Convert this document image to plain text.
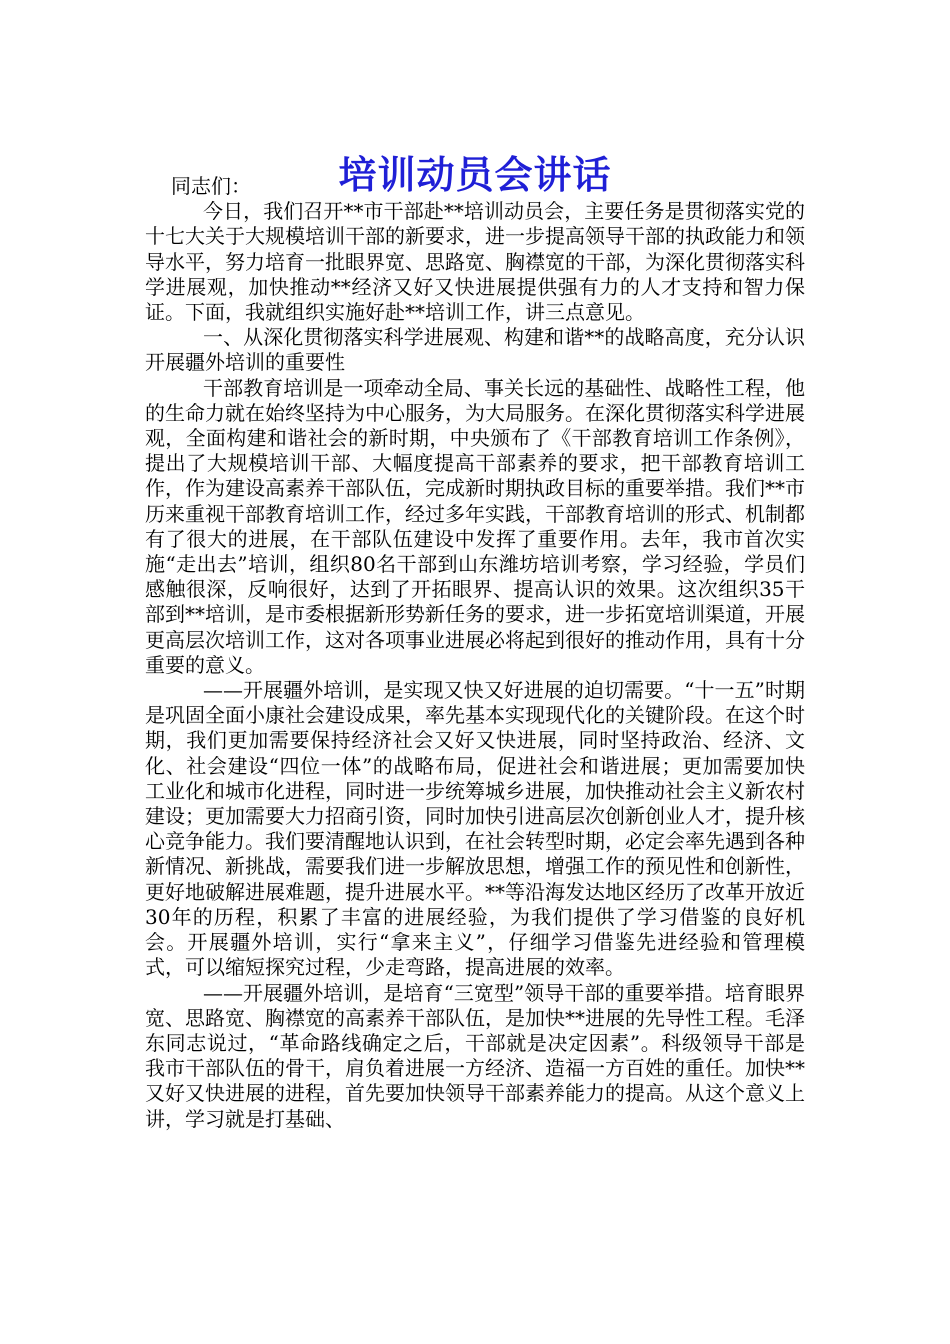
培训动员会讲话

同志们：

今日，我们召开**市干部赴**培训动员会，主要任务是贯彻落实党的十七大关于大规模培训干部的新要求，进一步提高领导干部的执政能力和领导水平，努力培育一批眼界宽、思路宽、胸襟宽的干部，为深化贯彻落实科学进展观，加快推动**经济又好又快进展提供强有力的人才支持和智力保证。下面，我就组织实施好赴**培训工作，讲三点意见。

一、从深化贯彻落实科学进展观、构建和谐**的战略高度，充分认识开展疆外培训的重要性

干部教育培训是一项牵动全局、事关长远的基础性、战略性工程，他的生命力就在始终坚持为中心服务，为大局服务。在深化贯彻落实科学进展观，全面构建和谐社会的新时期，中央颁布了《干部教育培训工作条例》，提出了大规模培训干部、大幅度提高干部素养的要求，把干部教育培训工作，作为建设高素养干部队伍，完成新时期执政目标的重要举措。我们**市历来重视干部教育培训工作，经过多年实践，干部教育培训的形式、机制都有了很大的进展，在干部队伍建设中发挥了重要作用。去年，我市首次实施“走出去”培训，组织80名干部到山东潍坊培训考察，学习经验，学员们感触很深，反响很好，达到了开拓眼界、提高认识的效果。这次组织35干部到**培训，是市委根据新形势新任务的要求，进一步拓宽培训渠道，开展更高层次培训工作，这对各项事业进展必将起到很好的推动作用，具有十分重要的意义。

——开展疆外培训，是实现又快又好进展的迫切需要。“十一五”时期是巩固全面小康社会建设成果，率先基本实现现代化的关键阶段。在这个时期，我们更加需要保持经济社会又好又快进展，同时坚持政治、经济、文化、社会建设“四位一体”的战略布局，促进社会和谐进展；更加需要加快工业化和城市化进程，同时进一步统筹城乡进展，加快推动社会主义新农村建设；更加需要大力招商引资，同时加快引进高层次创新创业人才，提升核心竞争能力。我们要清醒地认识到，在社会转型时期，必定会率先遇到各种新情况、新挑战，需要我们进一步解放思想，增强工作的预见性和创新性，更好地破解进展难题，提升进展水平。**等沿海发达地区经历了改革开放近30年的历程，积累了丰富的进展经验，为我们提供了学习借鉴的良好机会。开展疆外培训，实行“拿来主义”，仔细学习借鉴先进经验和管理模式，可以缩短探究过程，少走弯路，提高进展的效率。

——开展疆外培训，是培育“三宽型”领导干部的重要举措。培育眼界宽、思路宽、胸襟宽的高素养干部队伍，是加快**进展的先导性工程。毛泽东同志说过，“革命路线确定之后，干部就是决定因素”。科级领导干部是我市干部队伍的骨干，肩负着进展一方经济、造福一方百姓的重任。加快**又好又快进展的进程，首先要加快领导干部素养能力的提高。从这个意义上讲，学习就是打基础、
